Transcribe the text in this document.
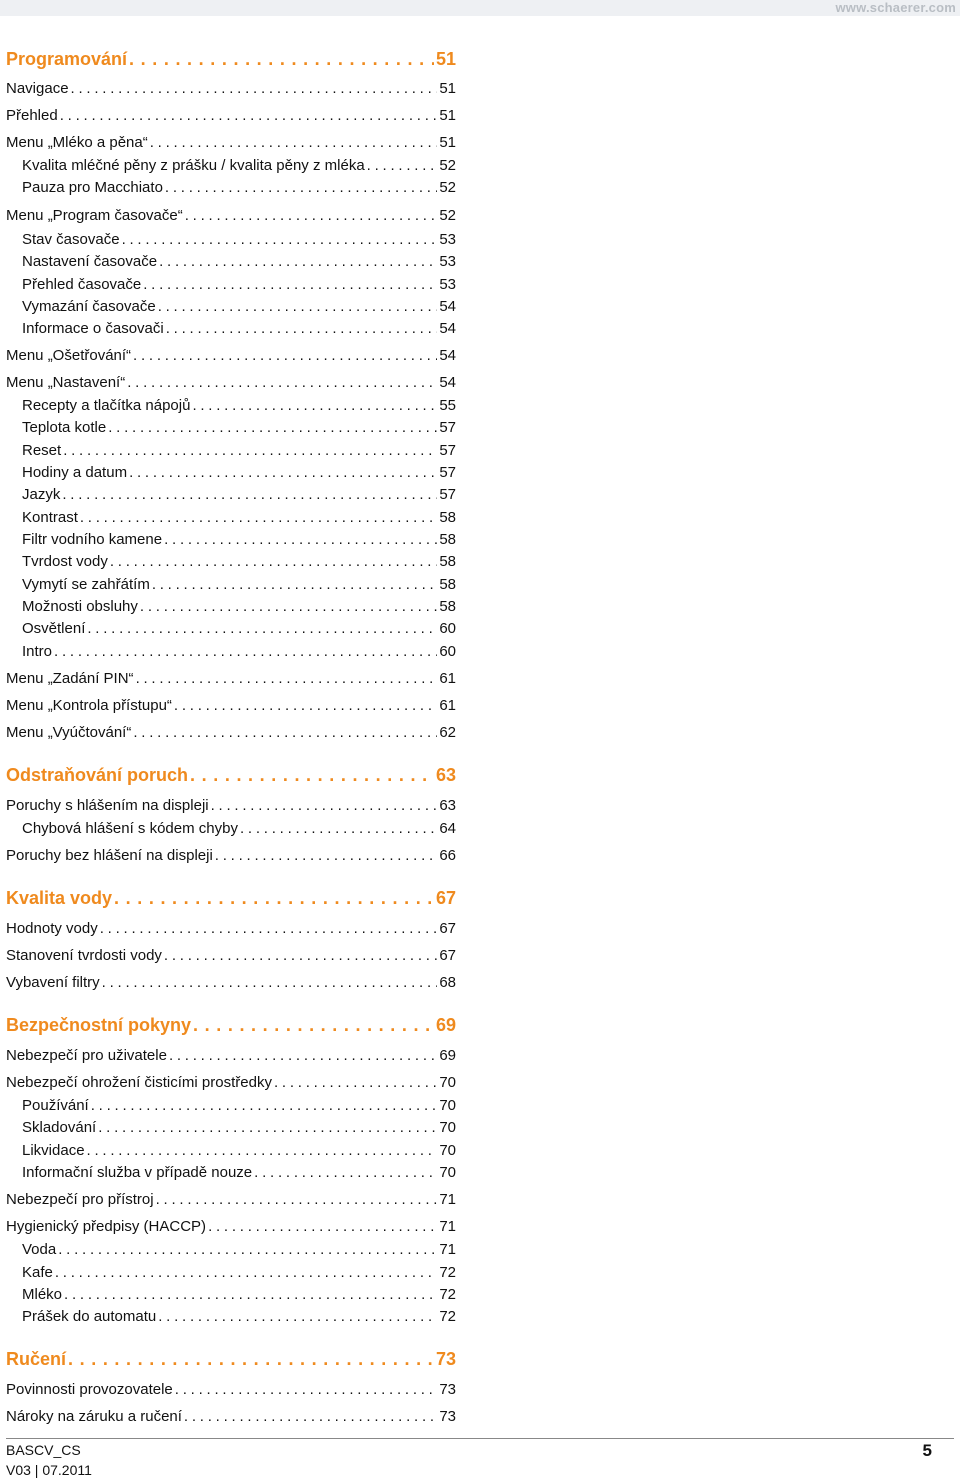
www.schaerer.com
Programování . . .	51
Navigace . . .	51
Přehled . . .	51
Menu „Mléko a pěna“ . . .	51
Kvalita mléčné pěny z prášku / kvalita pěny z mléka . . .	52
Pauza pro Macchiato . . .	52
Menu „Program časovače“ . . .	52
Stav časovače . . .	53
Nastavení časovače . . .	53
Přehled časovače . . .	53
Vymazání časovače . . .	54
Informace o časovači . . .	54
Menu „Ošetřování“ . . .	54
Menu „Nastavení“ . . .	54
Recepty a tlačítka nápojů . . .	55
Teplota kotle . . .	57
Reset . . .	57
Hodiny a datum . . .	57
Jazyk . . .	57
Kontrast . . .	58
Filtr vodního kamene . . .	58
Tvrdost vody . . .	58
Vymytí se zahřátím . . .	58
Možnosti obsluhy . . .	58
Osvětlení . . .	60
Intro . . .	60
Menu „Zadání PIN“ . . .	61
Menu „Kontrola přístupu“ . . .	61
Menu „Vyúčtování“ . . .	62
Odstraňování poruch . . .	63
Poruchy s hlášením na displeji . . .	63
Chybová hlášení s kódem chyby . . .	64
Poruchy bez hlášení na displeji . . .	66
Kvalita vody . . .	67
Hodnoty vody . . .	67
Stanovení tvrdosti vody . . .	67
Vybavení filtry . . .	68
Bezpečnostní pokyny . . .	69
Nebezpečí pro uživatele . . .	69
Nebezpečí ohrožení čisticími prostředky . . .	70
Používání . . .	70
Skladování . . .	70
Likvidace . . .	70
Informační služba v případě nouze . . .	70
Nebezpečí pro přístroj . . .	71
Hygienický předpisy (HACCP) . . .	71
Voda . . .	71
Kafe . . .	72
Mléko . . .	72
Prášek do automatu . . .	72
Ručení . . .	73
Povinnosti provozovatele . . .	73
Nároky na záruku a ručení . . .	73
BASCV_CS
V03 | 07.2011
5
